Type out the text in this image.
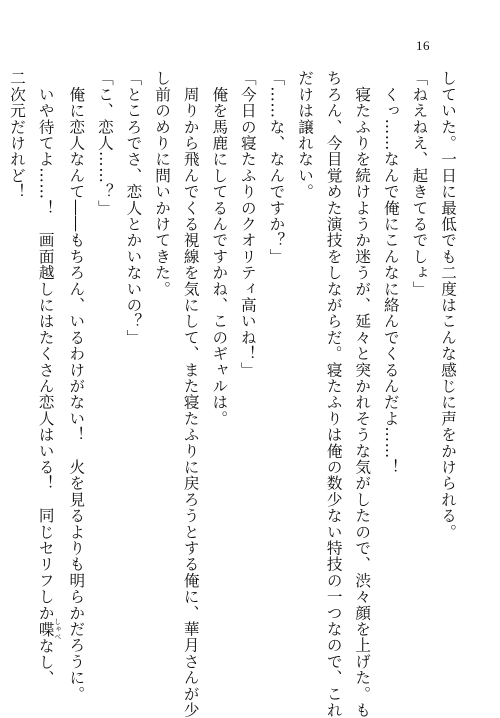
16
していた。一日に最低でも二度はこんな感じに声をかけられる。
「ねえねえ、起きてるでしょ」
　くっ……なんで俺にこんなに絡んでくるんだよ……！
　寝たふりを続けようか迷うが、延々と突かれそうな気がしたので、渋々顔を上げた。も
ちろん、今目覚めた演技をしながらだ。寝たふりは俺の数少ない特技の一つなので、これ
だけは譲れない。
「……な、なんですか？」
「今日の寝たふりのクオリティ高いね！」
　俺を馬鹿にしてるんですかね、このギャルは。
　周りから飛んでくる視線を気にして、また寝たふりに戻ろうとする俺に、華月さんが少
し前のめりに問いかけてきた。
「ところでさ、恋人とかいないの？」
「こ、恋人……？」
　俺に恋人なんて――もちろん、いるわけがない！　火を見るよりも明らかだろうに。
　いや待てよ……！　画面越しにはたくさん恋人はいる！　同じセリフしか喋 しゃべなし、
二次元だけれど！
